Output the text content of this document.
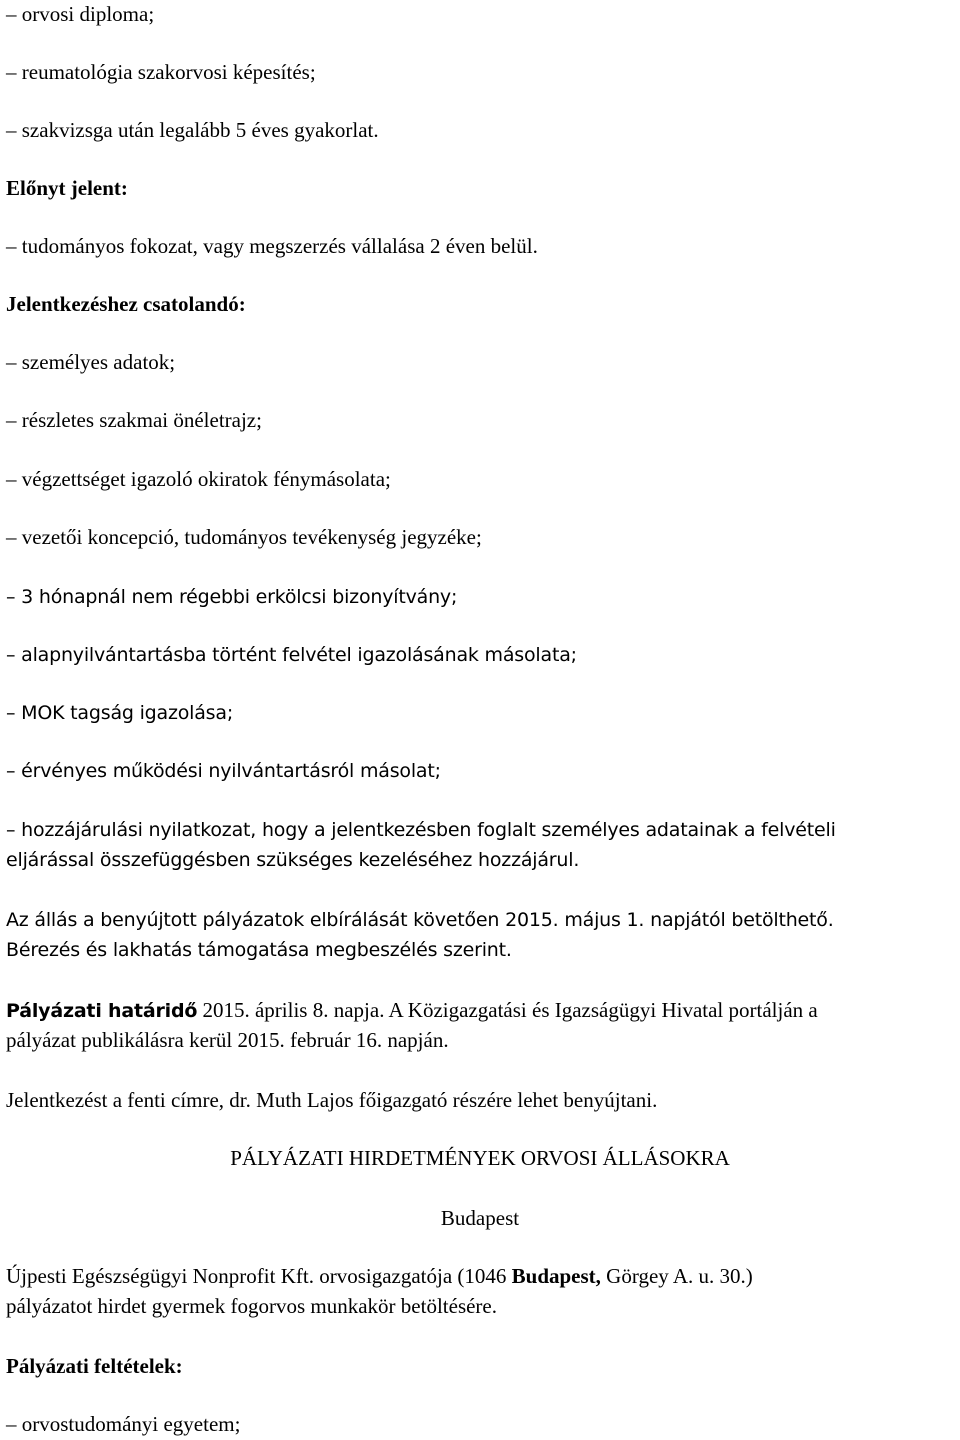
– orvosi diploma;

– reumatológia szakorvosi képesítés;

– szakvizsga után legalább 5 éves gyakorlat.

Előnyt jelent:

– tudományos fokozat, vagy megszerzés vállalása 2 éven belül.

Jelentkezéshez csatolandó:

– személyes adatok;

– részletes szakmai önéletrajz;

– végzettséget igazoló okiratok fénymásolata;

– vezetői koncepció, tudományos tevékenység jegyzéke;

– 3 hónapnál nem régebbi erkölcsi bizonyítvány;

– alapnyilvántartásba történt felvétel igazolásának másolata;

– MOK tagság igazolása;

– érvényes működési nyilvántartásról másolat;

– hozzájárulási nyilatkozat, hogy a jelentkezésben foglalt személyes adatainak a felvételi

eljárással összefüggésben szükséges kezeléséhez hozzájárul.

Az állás a benyújtott pályázatok elbírálását követően 2015. május 1. napjától betölthető.

Bérezés és lakhatás támogatása megbeszélés szerint.

Pályázati határidő 2015. április 8. napja. A Közigazgatási és Igazságügyi Hivatal portálján a

pályázat publikálásra kerül 2015. február 16. napján.

Jelentkezést a fenti címre, dr. Muth Lajos főigazgató részére lehet benyújtani.

PÁLYÁZATI HIRDETMÉNYEK ORVOSI ÁLLÁSOKRA

Budapest

Újpesti Egészségügyi Nonprofit Kft. orvosigazgatója (1046 Budapest, Görgey A. u. 30.)

pályázatot hirdet gyermek fogorvos munkakör betöltésére.

Pályázati feltételek:

– orvostudományi egyetem;
